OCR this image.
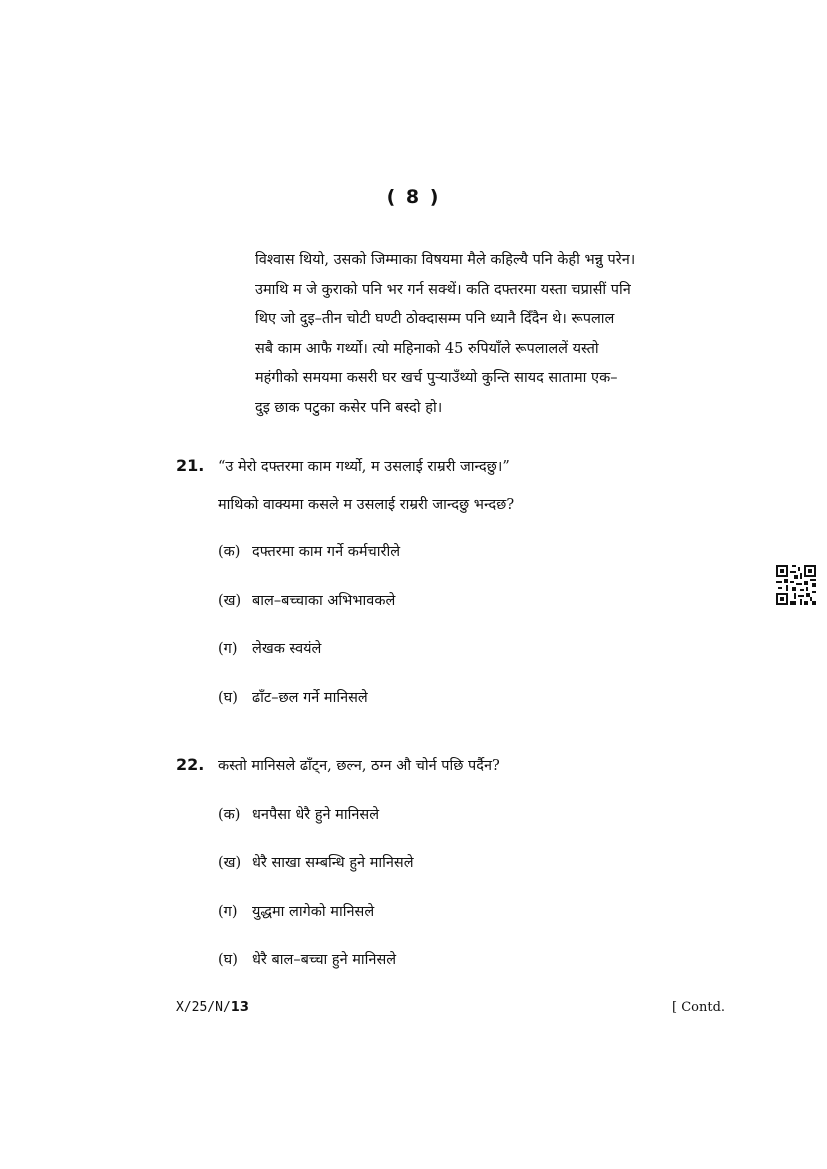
( 8 )

विश्वास थियो, उसको जिम्माका विषयमा मैले कहिल्यै पनि केही भन्नु परेन।

उमाथि म जे कुराको पनि भर गर्न सक्थें। कति दफ्तरमा यस्ता चप्रासीं पनि

थिए जो दुइ–तीन चोटी घण्टी ठोक्दासम्म पनि ध्यानै दिँदैन थे। रूपलाल

सबै काम आफै गर्थ्यो। त्यो महिनाको 45 रुपियाँले रूपलाललें यस्तो

महंगीको समयमा कसरी घर खर्च पुर्‍याउँथ्यो कुन्ति सायद सातामा एक–

दुइ छाक पटुका कसेर पनि बस्दो हो।

21. “उ मेरो दफ्तरमा काम गर्थ्यो, म उसलाई राम्ररी जान्दछु।”
माथिको वाक्यमा कसले म उसलाई राम्ररी जान्दछु भन्दछ?
(क) दफ्तरमा काम गर्ने कर्मचारीले
(ख) बाल–बच्चाका अभिभावकले
(ग) लेखक स्वयंले
(घ) ढाँट–छल गर्ने मानिसले
22. कस्तो मानिसले ढाँट्न, छल्न, ठग्न औ चोर्न पछि पर्दैन?
(क) धनपैसा धेरै हुने मानिसले
(ख) धेरै साखा सम्बन्धि हुने मानिसले
(ग) युद्धमा लागेको मानिसले
(घ) धेरै बाल–बच्चा हुने मानिसले
X/25/N/13	[ Contd.
